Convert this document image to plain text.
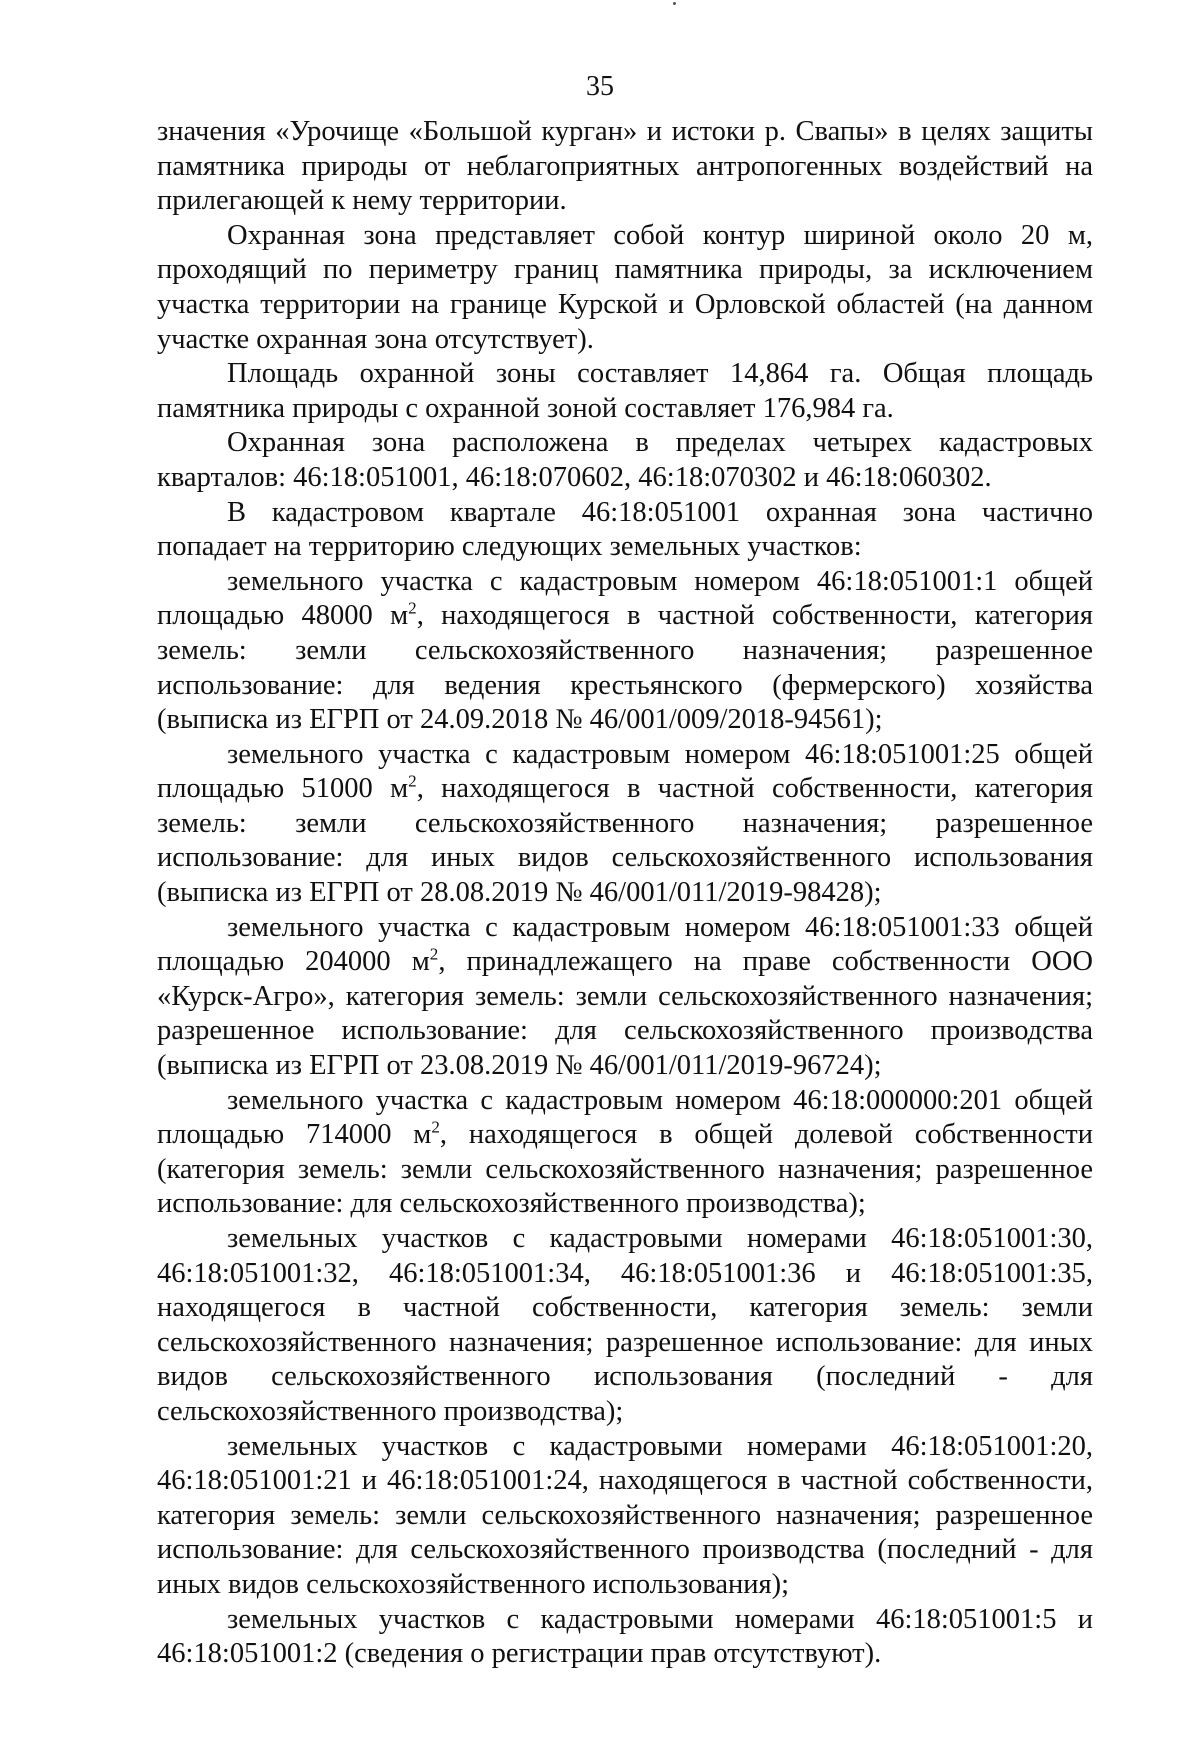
35

значения «Урочище «Большой курган» и истоки р. Свапы» в целях защиты памятника природы от неблагоприятных антропогенных воздействий на прилегающей к нему территории.

Охранная зона представляет собой контур шириной около 20 м, проходящий по периметру границ памятника природы, за исключением участка территории на границе Курской и Орловской областей (на данном участке охранная зона отсутствует).

Площадь охранной зоны составляет 14,864 га. Общая площадь памятника природы с охранной зоной составляет 176,984 га.

Охранная зона расположена в пределах четырех кадастровых кварталов: 46:18:051001, 46:18:070602, 46:18:070302 и 46:18:060302.

В кадастровом квартале 46:18:051001 охранная зона частично попадает на территорию следующих земельных участков:

земельного участка с кадастровым номером 46:18:051001:1 общей площадью 48000 $м^2$, находящегося в частной собственности, категория земель: земли сельскохозяйственного назначения; разрешенное использование: для ведения крестьянского (фермерского) хозяйства (выписка из ЕГРП от 24.09.2018 № 46/001/009/2018-94561);

земельного участка с кадастровым номером 46:18:051001:25 общей площадью 51000 $м^2$, находящегося в частной собственности, категория земель: земли сельскохозяйственного назначения; разрешенное использование: для иных видов сельскохозяйственного использования (выписка из ЕГРП от 28.08.2019 № 46/001/011/2019-98428);

земельного участка с кадастровым номером 46:18:051001:33 общей площадью 204000 $м^2$, принадлежащего на праве собственности ООО «Курск-Агро», категория земель: земли сельскохозяйственного назначения; разрешенное использование: для сельскохозяйственного производства (выписка из ЕГРП от 23.08.2019 № 46/001/011/2019-96724);

земельного участка с кадастровым номером 46:18:000000:201 общей площадью 714000 $м^2$, находящегося в общей долевой собственности (категория земель: земли сельскохозяйственного назначения; разрешенное использование: для сельскохозяйственного производства);

земельных участков с кадастровыми номерами 46:18:051001:30, 46:18:051001:32, 46:18:051001:34, 46:18:051001:36 и 46:18:051001:35, находящегося в частной собственности, категория земель: земли сельскохозяйственного назначения; разрешенное использование: для иных видов сельскохозяйственного использования (последний - для сельскохозяйственного производства);

земельных участков с кадастровыми номерами 46:18:051001:20, 46:18:051001:21 и 46:18:051001:24, находящегося в частной собственности, категория земель: земли сельскохозяйственного назначения; разрешенное использование: для сельскохозяйственного производства (последний - для иных видов сельскохозяйственного использования);

земельных участков с кадастровыми номерами 46:18:051001:5 и 46:18:051001:2 (сведения о регистрации прав отсутствуют).
